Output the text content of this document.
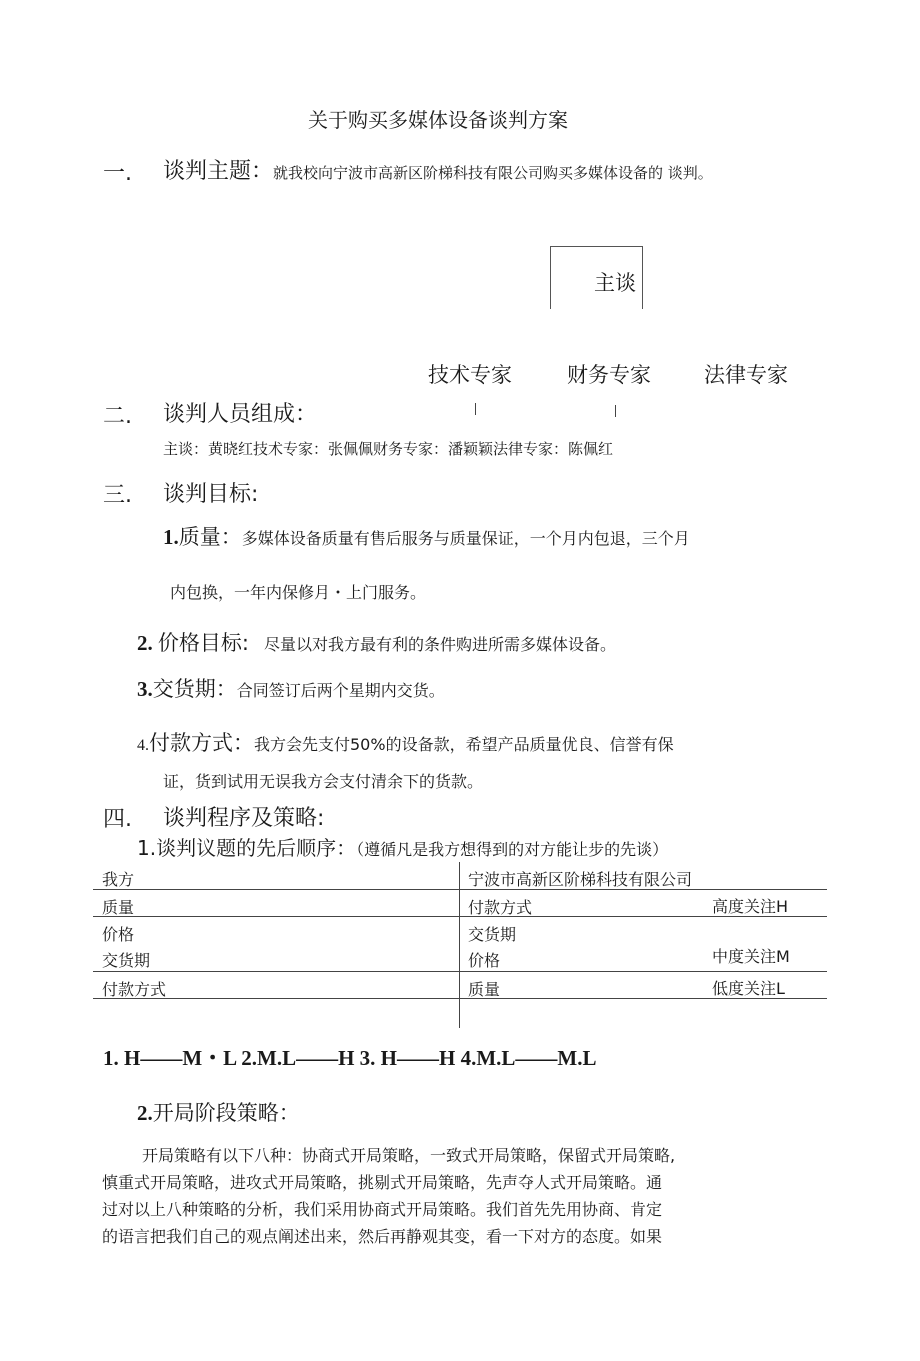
关于购买多媒体设备谈判方案
一. 谈判主题：就我校向宁波市高新区阶梯科技有限公司购买多媒体设备的 谈判。
主谈
技术专家	财务专家	法律专家
二. 谈判人员组成：
主谈：黄晓红技术专家：张佩佩财务专家：潘颖颖法律专家：陈佩红
三. 谈判目标:
1.质量：多媒体设备质量有售后服务与质量保证，一个月内包退，三个月
内包换，一年内保修月・上门服务。
2. 价格目标: 尽量以对我方最有利的条件购进所需多媒体设备。
3.交货期：合同签订后两个星期内交货。
4.付款方式：我方会先支付50%的设备款，希望产品质量优良、信誉有保
证，货到试用无误我方会支付清余下的货款。
四. 谈判程序及策略:
1.谈判议题的先后顺序：（遵循凡是我方想得到的对方能让步的先谈）
我方	宁波市高新区阶梯科技有限公司
质量	付款方式	高度关注H
价格	交货期
交货期	价格	中度关注M
付款方式	质量	低度关注L
1. H——M・L 2.M.L——H 3. H——H 4.M.L——M.L
2.开局阶段策略：
开局策略有以下八种：协商式开局策略，一致式开局策略，保留式开局策略,
慎重式开局策略，进攻式开局策略，挑剔式开局策略，先声夺人式开局策略。通
过对以上八种策略的分析，我们采用协商式开局策略。我们首先先用协商、肯定
的语言把我们自己的观点阐述出来，然后再静观其变，看一下对方的态度。如果
